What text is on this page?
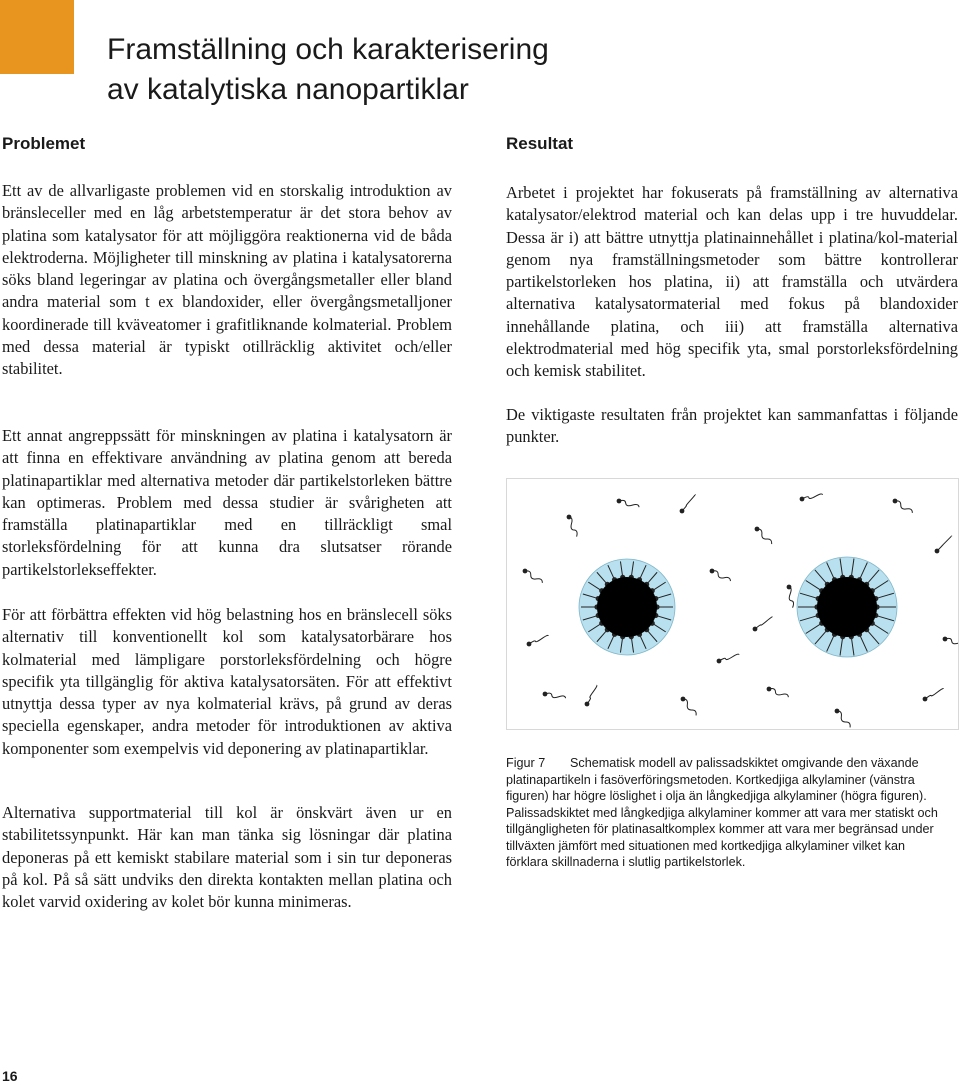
Framställning och karakterisering
av katalytiska nanopartiklar
Problemet	Resultat

Ett av de allvarligaste problemen vid en storskalig introduktion av bränsleceller med en låg arbetstemperatur är det stora behov av platina som katalysator för att möjliggöra reaktionerna vid de båda elektroderna. Möjligheter till minskning av platina i katalysatorerna söks bland legeringar av platina och övergångsmetaller eller bland andra material som t ex blandoxider, eller övergångsmetalljoner koordinerade till kväveatomer i grafitliknande kolmaterial. Problem med dessa material är typiskt otillräcklig aktivitet och/eller stabilitet.

Ett annat angreppssätt för minskningen av platina i katalysatorn är att finna en effektivare användning av platina genom att bereda platinapartiklar med alternativa metoder där partikelstorleken bättre kan optimeras. Problem med dessa studier är svårigheten att framställa platinapartiklar med en tillräckligt smal storleksfördelning för att kunna dra slutsatser rörande partikelstorlekseffekter.

För att förbättra effekten vid hög belastning hos en bränslecell söks alternativ till konventionellt kol som katalysatorbärare hos kolmaterial med lämpligare porstorleksfördelning och högre specifik yta tillgänglig för aktiva katalysatorsäten. För att effektivt utnyttja dessa typer av nya kolmaterial krävs, på grund av deras speciella egenskaper, andra metoder för introduktionen av aktiva komponenter som exempelvis vid deponering av platinapartiklar.

Alternativa supportmaterial till kol är önskvärt även ur en stabilitetssynpunkt. Här kan man tänka sig lösningar där platina deponeras på ett kemiskt stabilare material som i sin tur deponeras på kol. På så sätt undviks den direkta kontakten mellan platina och kolet varvid oxidering av kolet bör kunna minimeras.

Arbetet i projektet har fokuserats på framställning av alternativa katalysator/elektrod material och kan delas upp i tre huvuddelar. Dessa är i) att bättre utnyttja platinainnehållet i platina/kol-material genom nya framställningsmetoder som bättre kontrollerar partikelstorleken hos platina, ii) att framställa och utvärdera alternativa katalysatormaterial med fokus på blandoxider innehållande platina, och iii) att framställa alternativa elektrodmaterial med hög specifik yta, smal porstorleksfördelning och kemisk stabilitet.

De viktigaste resultaten från projektet kan sammanfattas i följande punkter.

Figur 7 Schematisk modell av palissadskiktet omgivande den växande platinapartikeln i fasöverföringsmetoden. Kortkedjiga alkylaminer (vänstra figuren) har högre löslighet i olja än långkedjiga alkylaminer (högra figuren). Palissadskiktet med långkedjiga alkylaminer kommer att vara mer statiskt och tillgängligheten för platinasaltkomplex kommer att vara mer begränsad under tillväxten jämfört med situationen med kortkedjiga alkylaminer vilket kan förklara skillnaderna i slutlig partikelstorlek.

16
